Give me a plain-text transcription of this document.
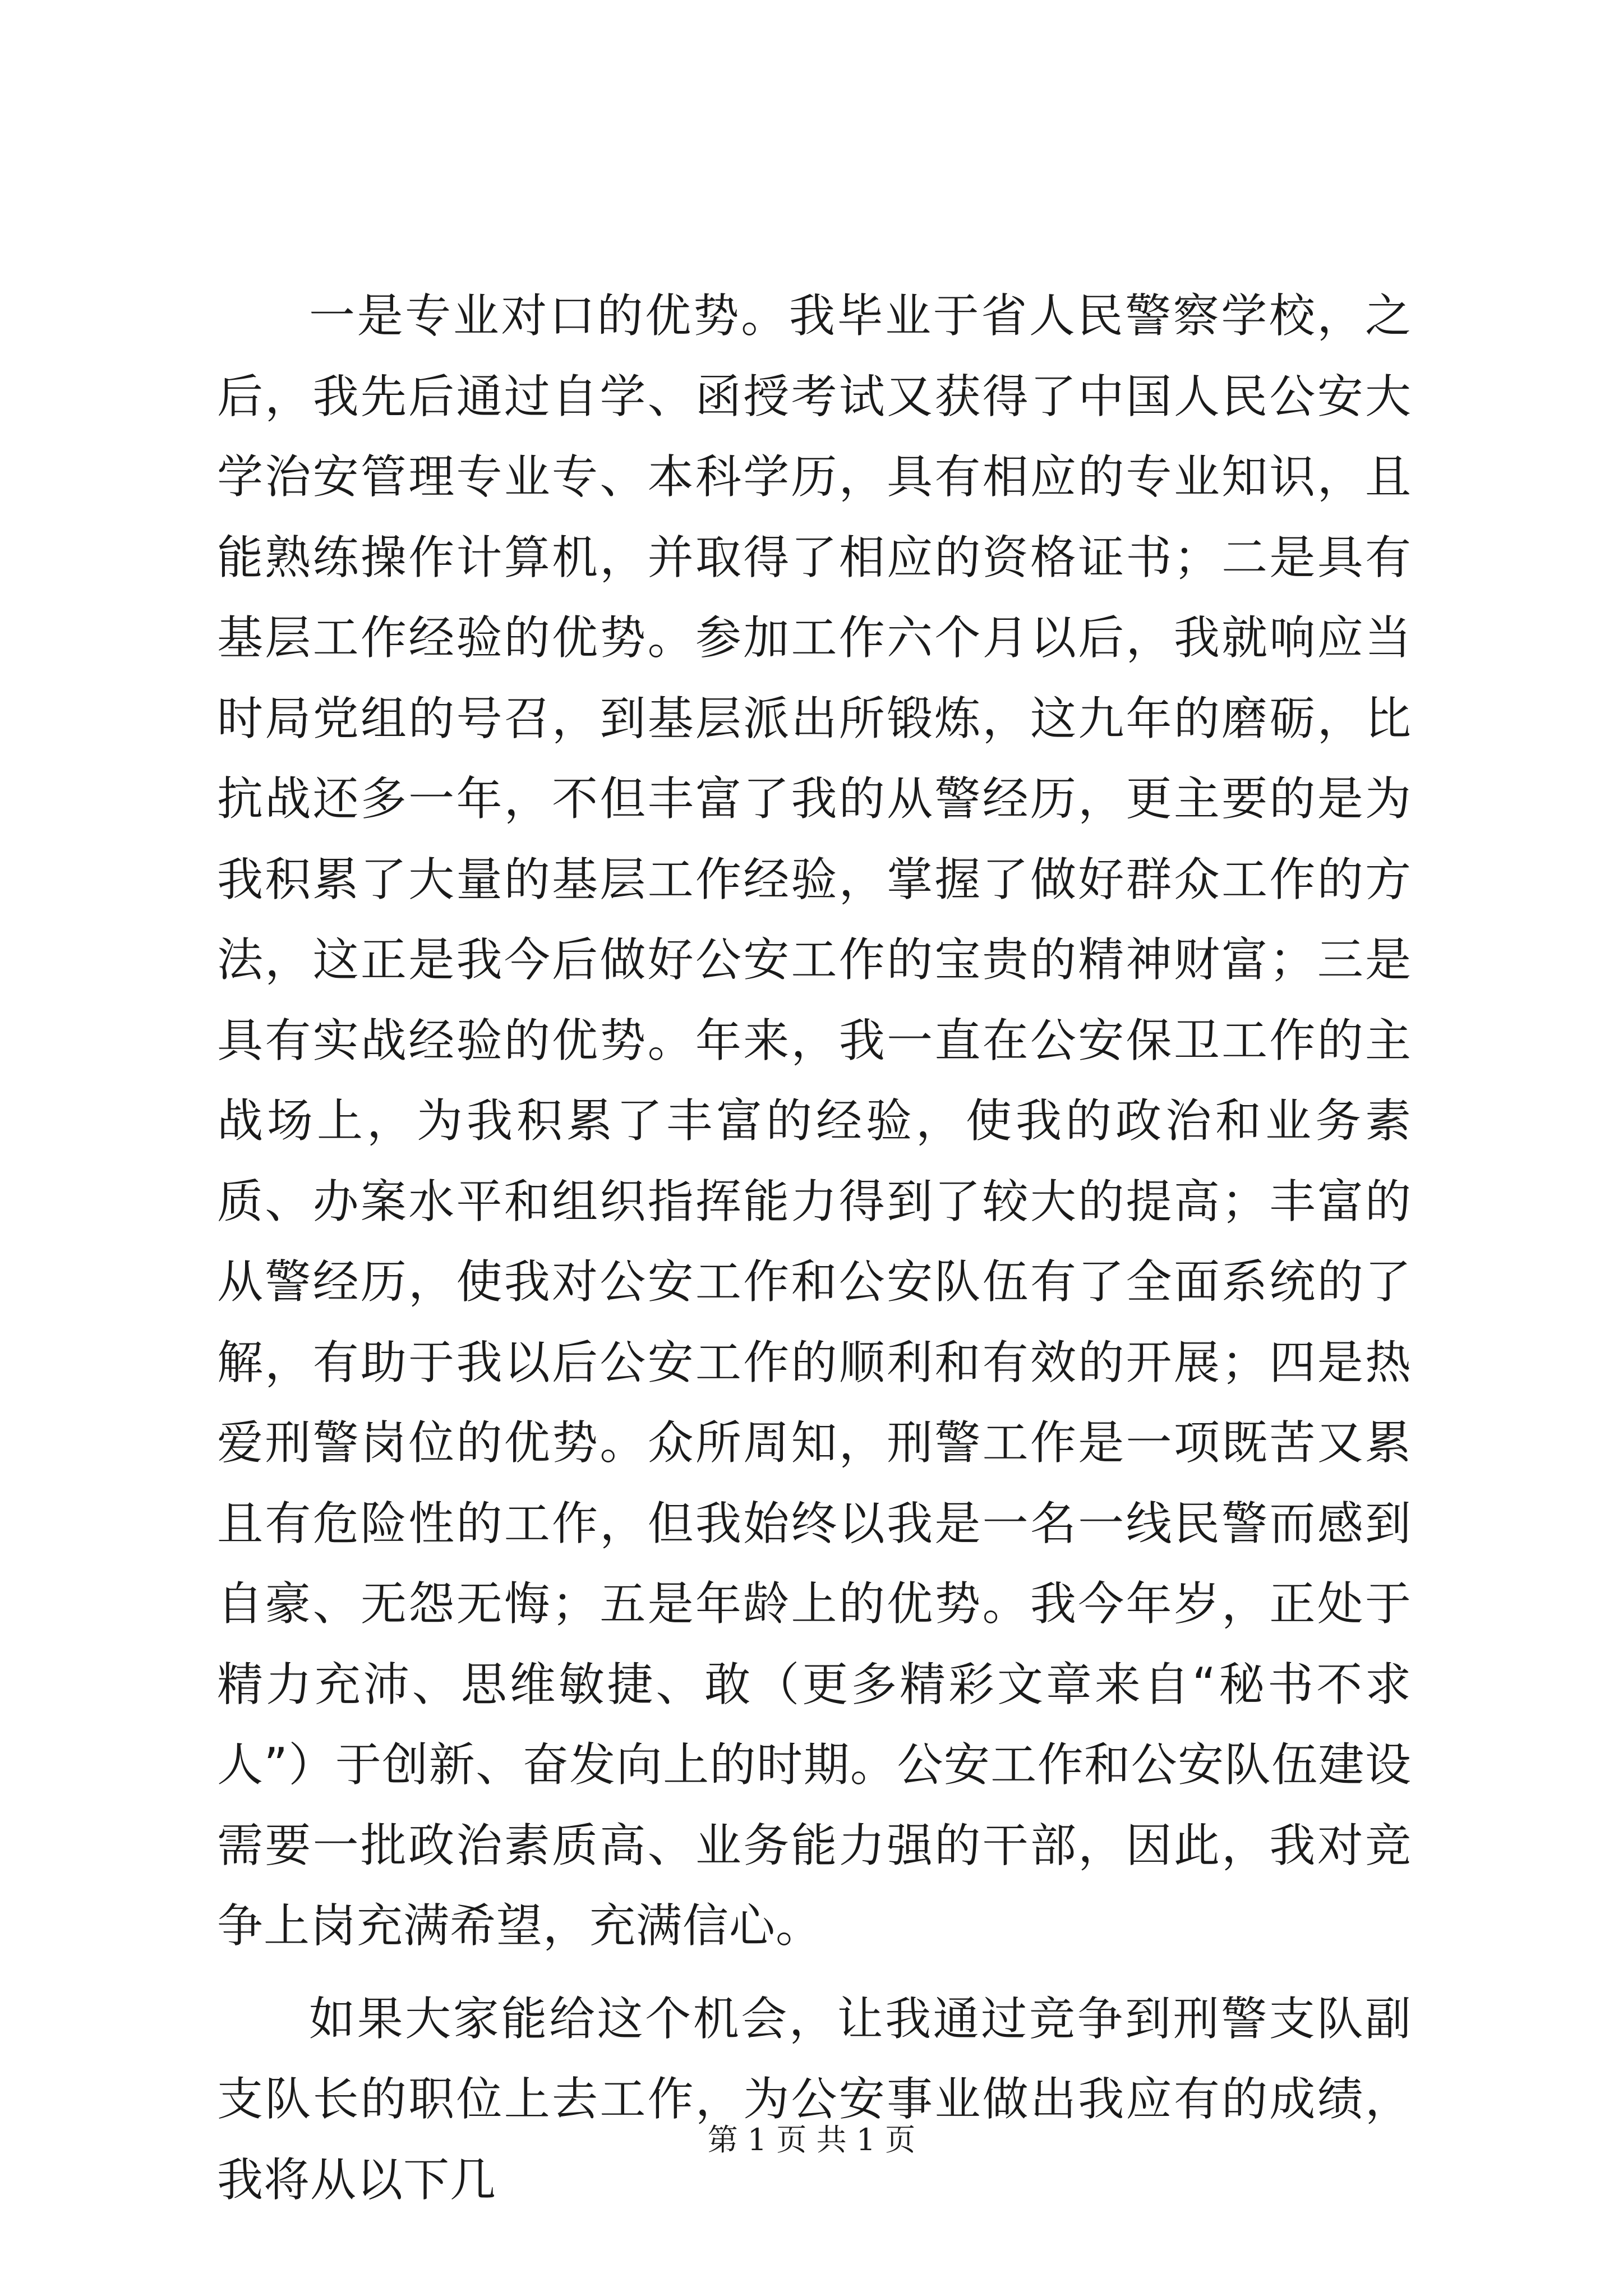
一是专业对口的优势。我毕业于省人民警察学校，之后，我先后通过自学、函授考试又获得了中国人民公安大学治安管理专业专、本科学历，具有相应的专业知识，且能熟练操作计算机，并取得了相应的资格证书；二是具有基层工作经验的优势。参加工作六个月以后，我就响应当时局党组的号召，到基层派出所锻炼，这九年的磨砺，比抗战还多一年，不但丰富了我的从警经历，更主要的是为我积累了大量的基层工作经验，掌握了做好群众工作的方法，这正是我今后做好公安工作的宝贵的精神财富；三是具有实战经验的优势。年来，我一直在公安保卫工作的主战场上，为我积累了丰富的经验，使我的政治和业务素质、办案水平和组织指挥能力得到了较大的提高；丰富的从警经历，使我对公安工作和公安队伍有了全面系统的了解，有助于我以后公安工作的顺利和有效的开展；四是热爱刑警岗位的优势。众所周知，刑警工作是一项既苦又累且有危险性的工作，但我始终以我是一名一线民警而感到自豪、无怨无悔；五是年龄上的优势。我今年岁，正处于精力充沛、思维敏捷、敢（更多精彩文章来自“秘书不求人”）于创新、奋发向上的时期。公安工作和公安队伍建设需要一批政治素质高、业务能力强的干部，因此，我对竞争上岗充满希望，充满信心。

如果大家能给这个机会，让我通过竞争到刑警支队副支队长的职位上去工作，为公安事业做出我应有的成绩，我将从以下几

第 1 页 共 1 页
